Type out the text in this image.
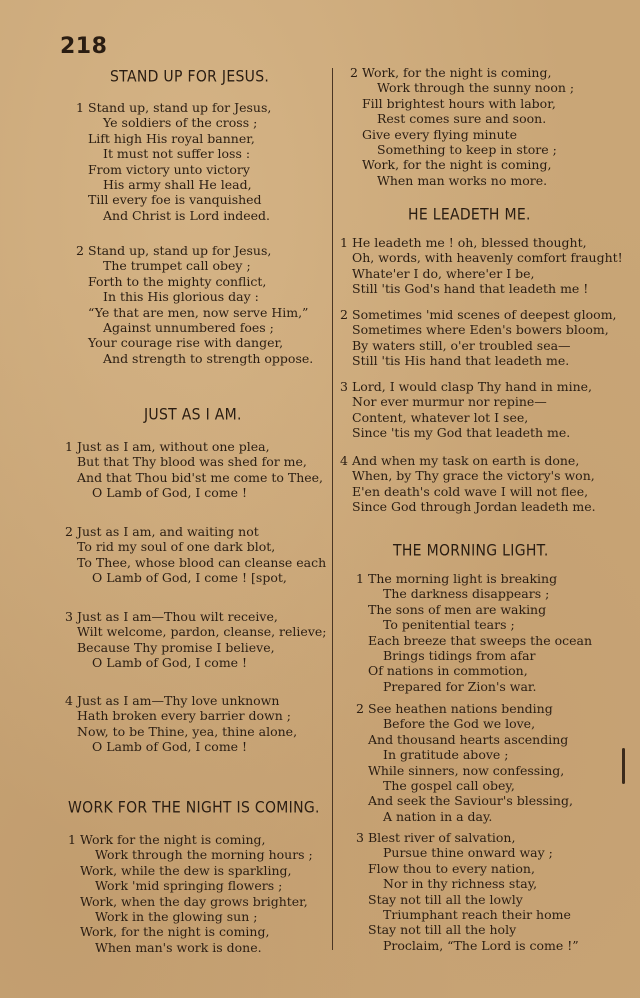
218
STAND UP FOR JESUS.
1 Stand up, stand up for Jesus,
Ye soldiers of the cross ;
Lift high His royal banner,
It must not suffer loss :
From victory unto victory
His army shall He lead,
Till every foe is vanquished
And Christ is Lord indeed.
2 Stand up, stand up for Jesus,
The trumpet call obey ;
Forth to the mighty conflict,
In this His glorious day :
“Ye that are men, now serve Him,”
Against unnumbered foes ;
Your courage rise with danger,
And strength to strength oppose.
JUST AS I AM.
1 Just as I am, without one plea,
But that Thy blood was shed for me,
And that Thou bid'st me come to Thee,
O Lamb of God, I come !
2 Just as I am, and waiting not
To rid my soul of one dark blot,
To Thee, whose blood can cleanse each
O Lamb of God, I come ! [spot,
3 Just as I am—Thou wilt receive,
Wilt welcome, pardon, cleanse, relieve;
Because Thy promise I believe,
O Lamb of God, I come !
4 Just as I am—Thy love unknown
Hath broken every barrier down ;
Now, to be Thine, yea, thine alone,
O Lamb of God, I come !
WORK FOR THE NIGHT IS COMING.
1 Work for the night is coming,
Work through the morning hours ;
Work, while the dew is sparkling,
Work 'mid springing flowers ;
Work, when the day grows brighter,
Work in the glowing sun ;
Work, for the night is coming,
When man's work is done.
2 Work, for the night is coming,
Work through the sunny noon ;
Fill brightest hours with labor,
Rest comes sure and soon.
Give every flying minute
Something to keep in store ;
Work, for the night is coming,
When man works no more.
HE LEADETH ME.
1 He leadeth me ! oh, blessed thought,
Oh, words, with heavenly comfort fraught!
Whate'er I do, where'er I be,
Still 'tis God's hand that leadeth me !
2 Sometimes 'mid scenes of deepest gloom,
Sometimes where Eden's bowers bloom,
By waters still, o'er troubled sea—
Still 'tis His hand that leadeth me.
3 Lord, I would clasp Thy hand in mine,
Nor ever murmur nor repine—
Content, whatever lot I see,
Since 'tis my God that leadeth me.
4 And when my task on earth is done,
When, by Thy grace the victory's won,
E'en death's cold wave I will not flee,
Since God through Jordan leadeth me.
THE MORNING LIGHT.
1 The morning light is breaking
The darkness disappears ;
The sons of men are waking
To penitential tears ;
Each breeze that sweeps the ocean
Brings tidings from afar
Of nations in commotion,
Prepared for Zion's war.
2 See heathen nations bending
Before the God we love,
And thousand hearts ascending
In gratitude above ;
While sinners, now confessing,
The gospel call obey,
And seek the Saviour's blessing,
A nation in a day.
3 Blest river of salvation,
Pursue thine onward way ;
Flow thou to every nation,
Nor in thy richness stay,
Stay not till all the lowly
Triumphant reach their home
Stay not till all the holy
Proclaim, “The Lord is come !”
